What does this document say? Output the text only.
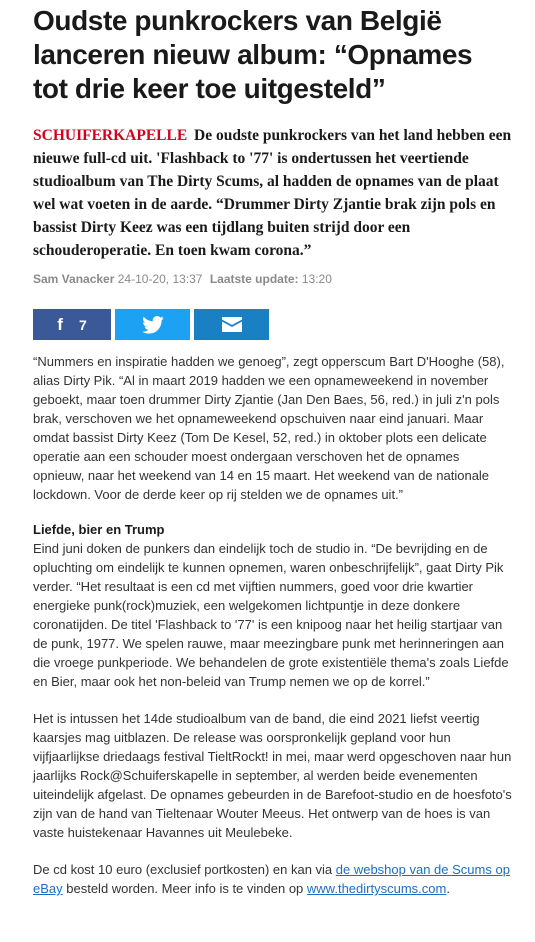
Oudste punkrockers van België lanceren nieuw album: “Opnames tot drie keer toe uitgesteld”
SCHUIFERKAPELLE De oudste punkrockers van het land hebben een nieuwe full-cd uit. 'Flashback to '77' is ondertussen het veertiende studioalbum van The Dirty Scums, al hadden de opnames van de plaat wel wat voeten in de aarde. “Drummer Dirty Zjantie brak zijn pols en bassist Dirty Keez was een tijdlang buiten strijd door een schouderoperatie. En toen kwam corona.”
Sam Vanacker 24-10-20, 13:37 Laatste update: 13:20
f 7

“Nummers en inspiratie hadden we genoeg”, zegt opperscum Bart D'Hooghe (58), alias Dirty Pik. “Al in maart 2019 hadden we een opnameweekend in november geboekt, maar toen drummer Dirty Zjantie (Jan Den Baes, 56, red.) in juli z'n pols brak, verschoven we het opnameweekend opschuiven naar eind januari. Maar omdat bassist Dirty Keez (Tom De Kesel, 52, red.) in oktober plots een delicate operatie aan een schouder moest ondergaan verschoven het de opnames opnieuw, naar het weekend van 14 en 15 maart. Het weekend van de nationale lockdown. Voor de derde keer op rij stelden we de opnames uit.”

Liefde, bier en Trump

Eind juni doken de punkers dan eindelijk toch de studio in. “De bevrijding en de opluchting om eindelijk te kunnen opnemen, waren onbeschrijfelijk”, gaat Dirty Pik verder. “Het resultaat is een cd met vijftien nummers, goed voor drie kwartier energieke punk(rock)muziek, een welgekomen lichtpuntje in deze donkere coronatijden. De titel 'Flashback to '77' is een knipoog naar het heilig startjaar van de punk, 1977. We spelen rauwe, maar meezingbare punk met herinneringen aan die vroege punkperiode. We behandelen de grote existentiële thema's zoals Liefde en Bier, maar ook het non-beleid van Trump nemen we op de korrel.”

Het is intussen het 14de studioalbum van de band, die eind 2021 liefst veertig kaarsjes mag uitblazen. De release was oorspronkelijk gepland voor hun vijfjaarlijkse driedaags festival TieltRockt! in mei, maar werd opgeschoven naar hun jaarlijks Rock@Schuiferskapelle in september, al werden beide evenementen uiteindelijk afgelast. De opnames gebeurden in de Barefoot-studio en de hoesfoto's zijn van de hand van Tieltenaar Wouter Meeus. Het ontwerp van de hoes is van vaste huistekenaar Havannes uit Meulebeke.

De cd kost 10 euro (exclusief portkosten) en kan via de webshop van de Scums op eBay besteld worden. Meer info is te vinden op www.thedirtyscums.com.
